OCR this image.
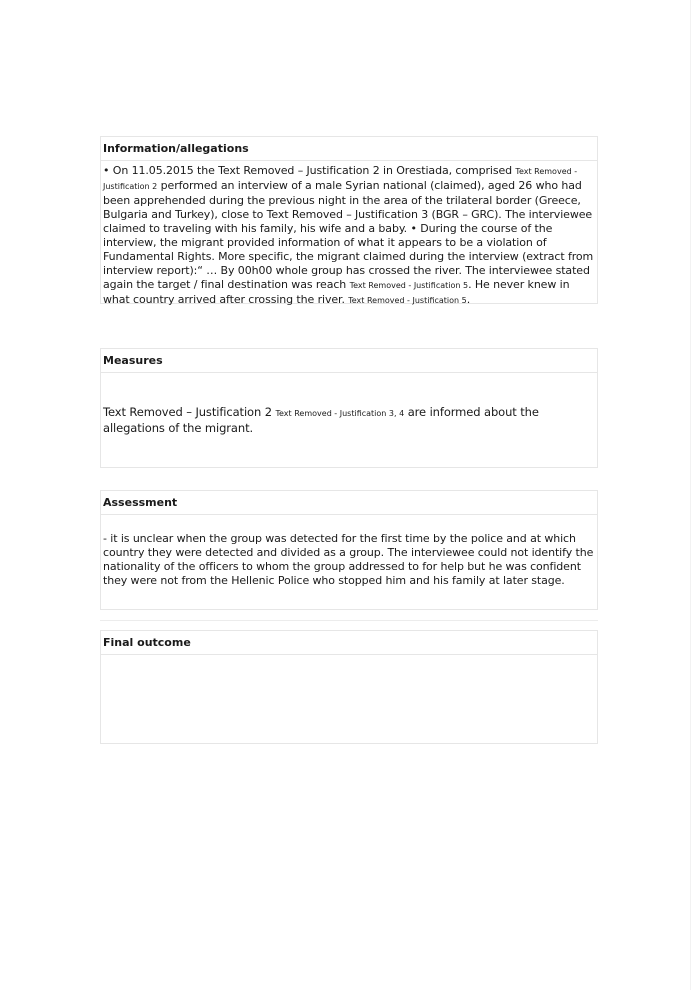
Information/allegations
• On 11.05.2015 the Text Removed – Justification 2 in Orestiada, comprised Text Removed - Justification 2 performed an interview of a male Syrian national (claimed), aged 26 who had been apprehended during the previous night in the area of the trilateral border (Greece, Bulgaria and Turkey), close to Text Removed – Justification 3 (BGR – GRC). The interviewee claimed to traveling with his family, his wife and a baby. • During the course of the interview, the migrant provided information of what it appears to be a violation of Fundamental Rights. More specific, the migrant claimed during the interview (extract from interview report):“ … By 00h00 whole group has crossed the river. The interviewee stated again the target / final destination was reach Text Removed - Justification 5. He never knew in what country arrived after crossing the river. Text Removed - Justification 5.
Measures
Text Removed – Justification 2 Text Removed - Justification 3, 4 are informed about the allegations of the migrant.
Assessment
- it is unclear when the group was detected for the first time by the police and at which country they were detected and divided as a group. The interviewee could not identify the nationality of the officers to whom the group addressed to for help but he was confident they were not from the Hellenic Police who stopped him and his family at later stage.
Final outcome
